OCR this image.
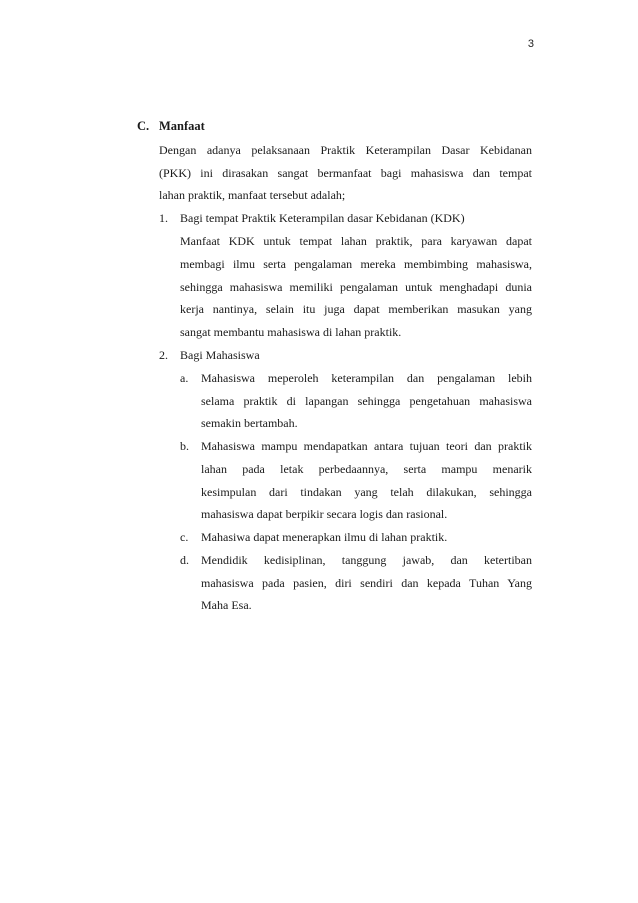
3
C. Manfaat
Dengan adanya pelaksanaan Praktik Keterampilan Dasar Kebidanan
(PKK) ini dirasakan sangat bermanfaat bagi mahasiswa dan tempat
lahan praktik, manfaat tersebut adalah;
1. Bagi tempat Praktik Keterampilan dasar Kebidanan (KDK)
Manfaat KDK untuk tempat lahan praktik, para karyawan dapat
membagi ilmu serta pengalaman mereka membimbing mahasiswa,
sehingga mahasiswa memiliki pengalaman untuk menghadapi dunia
kerja nantinya, selain itu juga dapat memberikan masukan yang
sangat membantu mahasiswa di lahan praktik.
2. Bagi Mahasiswa
a. Mahasiswa meperoleh keterampilan dan pengalaman lebih
selama praktik di lapangan sehingga pengetahuan mahasiswa
semakin bertambah.
b. Mahasiswa mampu mendapatkan antara tujuan teori dan praktik
lahan pada letak perbedaannya, serta mampu menarik
kesimpulan dari tindakan yang telah dilakukan, sehingga
mahasiswa dapat berpikir secara logis dan rasional.
c. Mahasiwa dapat menerapkan ilmu di lahan praktik.
d. Mendidik kedisiplinan, tanggung jawab, dan ketertiban
mahasiswa pada pasien, diri sendiri dan kepada Tuhan Yang
Maha Esa.
